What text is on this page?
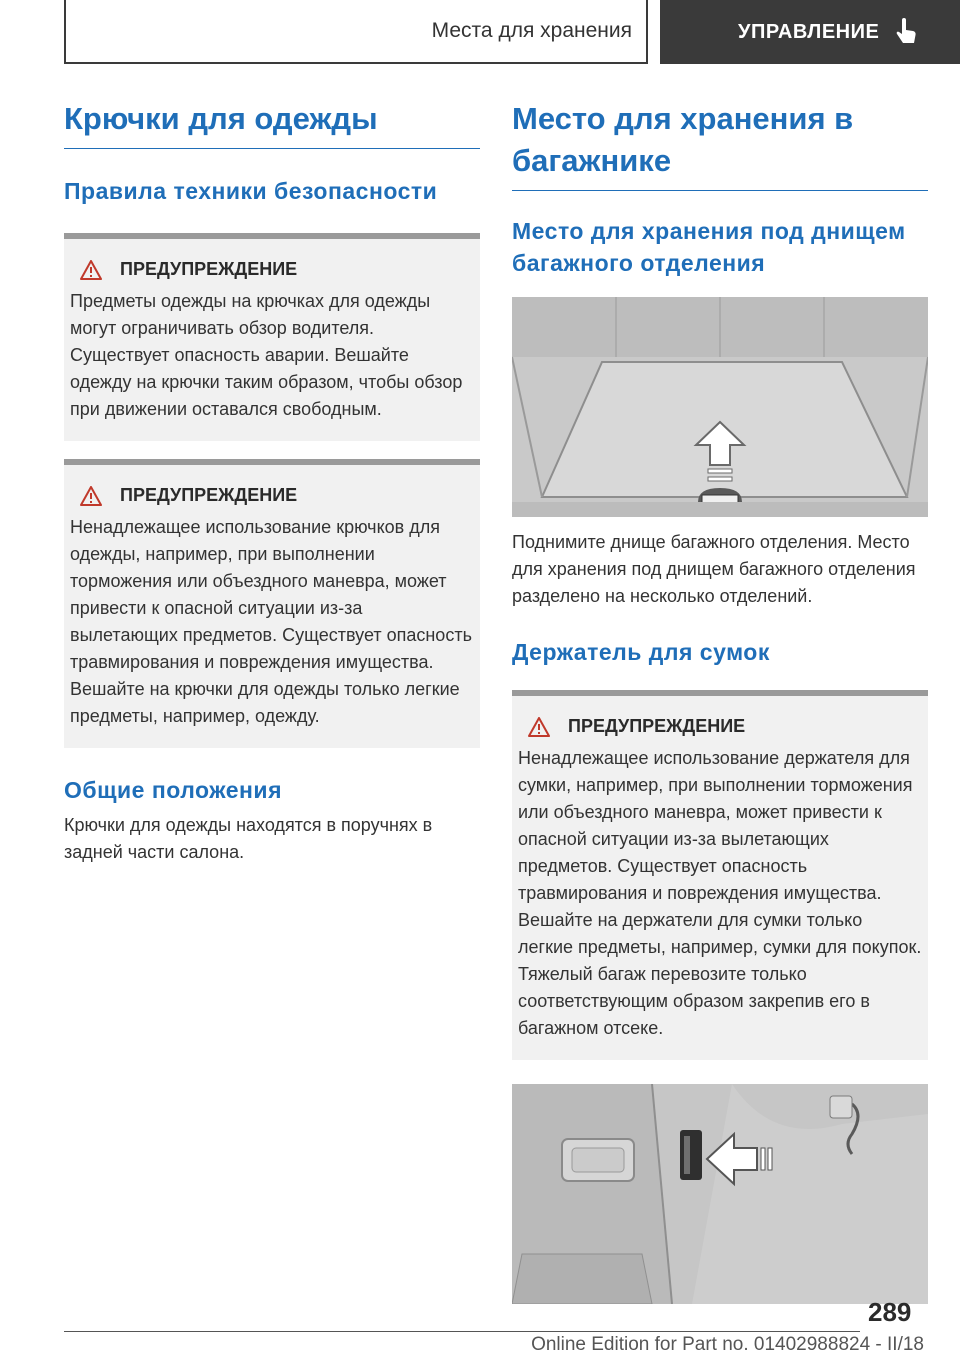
Места для хранения	УПРАВЛЕНИЕ
Крючки для одежды
Правила техники безопасности
ПРЕДУПРЕЖДЕНИЕ

Предметы одежды на крючках для одежды могут ограничивать обзор водителя. Существует опасность аварии. Вешайте одежду на крючки таким образом, чтобы обзор при движении оставался свободным.

ПРЕДУПРЕЖДЕНИЕ

Ненадлежащее использование крючков для одежды, например, при выполнении торможения или объездного маневра, может привести к опасной ситуации из-за вылетающих предметов. Существует опасность травмирования и повреждения имущества. Вешайте на крючки для одежды только легкие предметы, например, одежду.

Общие положения

Крючки для одежды находятся в поручнях в задней части салона.

Место для хранения в багажнике
Место для хранения под днищем багажного отделения

Поднимите днище багажного отделения. Место для хранения под днищем багажного отделения разделено на несколько отделений.

Держатель для сумок
ПРЕДУПРЕЖДЕНИЕ

Ненадлежащее использование держателя для сумки, например, при выполнении торможения или объездного маневра, может привести к опасной ситуации из-за вылетающих предметов. Существует опасность травмирования и повреждения имущества. Вешайте на держатели для сумки только легкие предметы, например, сумки для покупок. Тяжелый багаж перевозите только соответствующим образом закрепив его в багажном отсеке.

289
Online Edition for Part no. 01402988824 - II/18
